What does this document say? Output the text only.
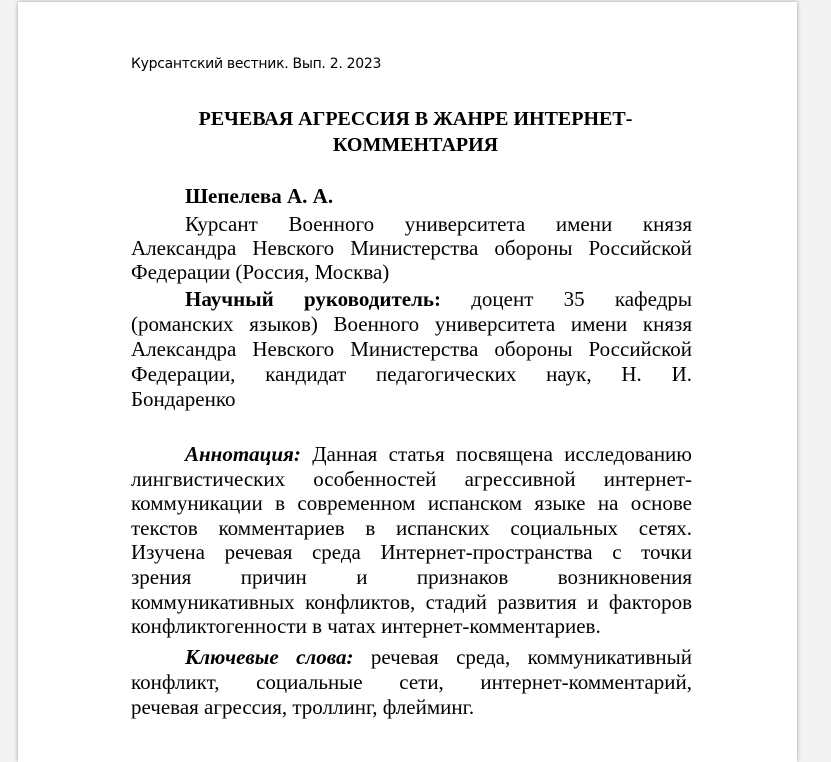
Курсантский вестник. Вып. 2. 2023
РЕЧЕВАЯ АГРЕССИЯ В ЖАНРЕ ИНТЕРНЕТ-
КОММЕНТАРИЯ
Шепелева А. А.
Курсант Военного университета имени князя
Александра Невского Министерства обороны Российской
Федерации (Россия, Москва)
Научный руководитель: доцент 35 кафедры
(романских языков) Военного университета имени князя
Александра Невского Министерства обороны Российской
Федерации, кандидат педагогических наук, Н. И.
Бондаренко
Аннотация: Данная статья посвящена исследованию
лингвистических особенностей агрессивной интернет-
коммуникации в современном испанском языке на основе
текстов комментариев в испанских социальных сетях.
Изучена речевая среда Интернет-пространства с точки
зрения причин и признаков возникновения
коммуникативных конфликтов, стадий развития и факторов
конфликтогенности в чатах интернет-комментариев.
Ключевые слова: речевая среда, коммуникативный
конфликт, социальные сети, интернет-комментарий,
речевая агрессия, троллинг, флейминг.
